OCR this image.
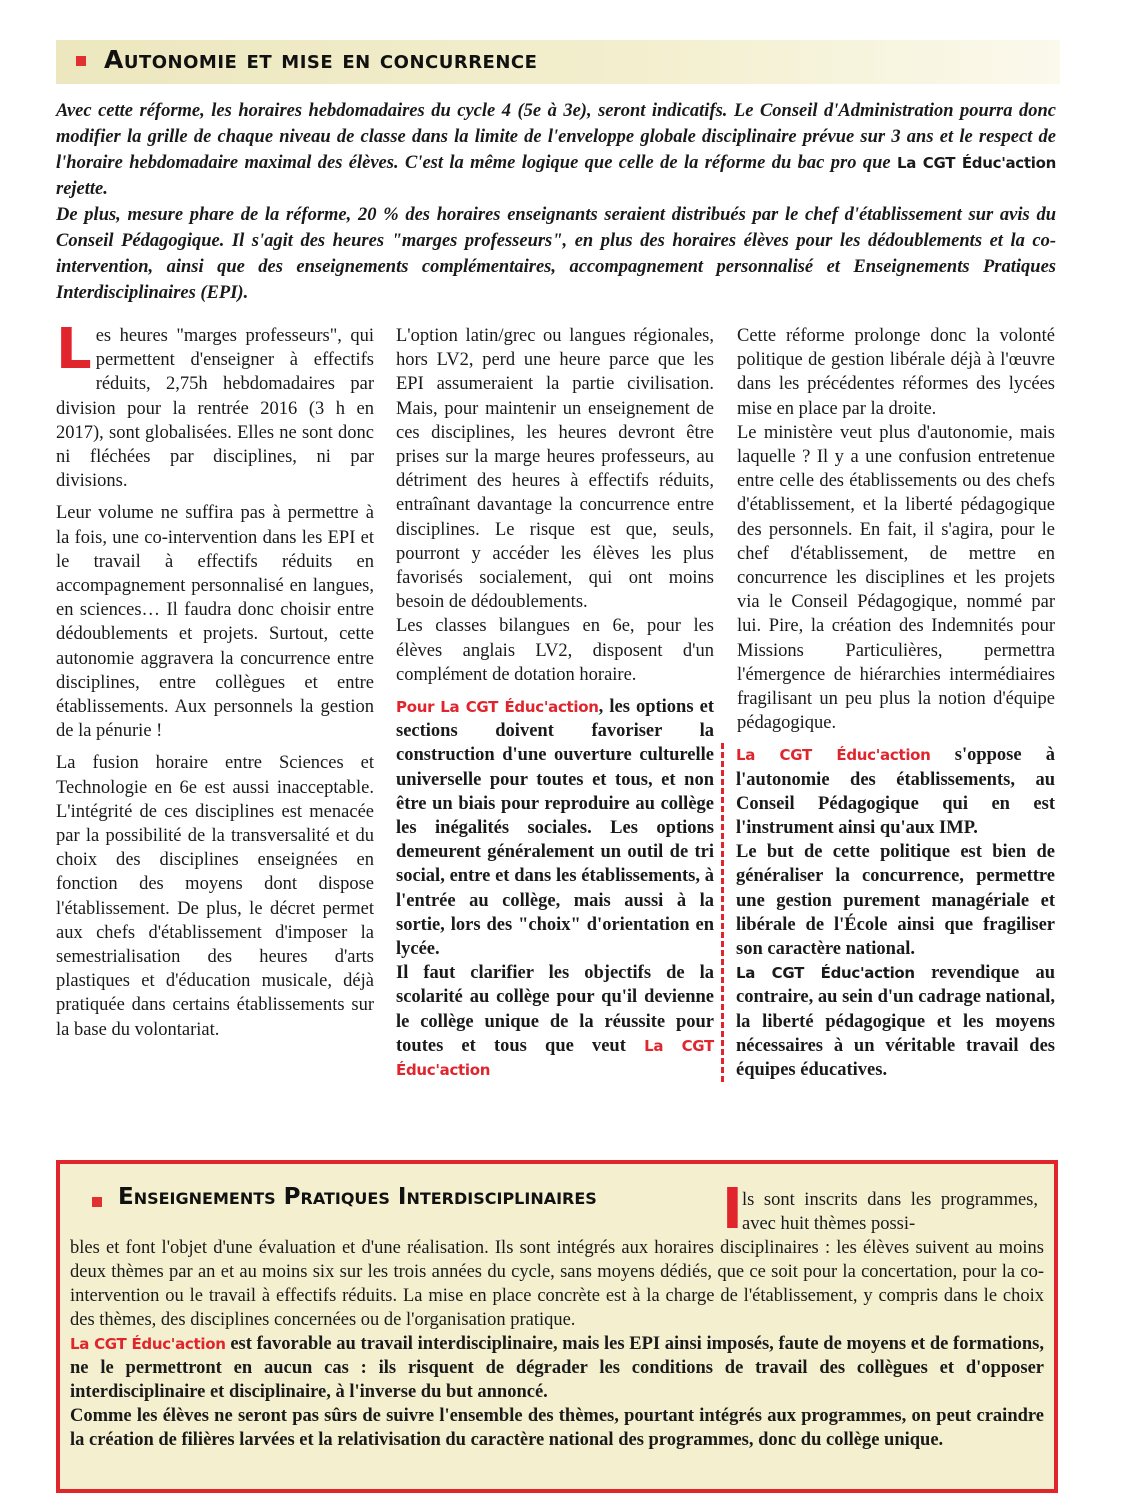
Autonomie et mise en concurrence

Avec cette réforme, les horaires hebdomadaires du cycle 4 (5e à 3e), seront indicatifs. Le Conseil d'Administration pourra donc modifier la grille de chaque niveau de classe dans la limite de l'enveloppe globale disciplinaire prévue sur 3 ans et le respect de l'horaire hebdomadaire maximal des élèves. C'est la même logique que celle de la réforme du bac pro que La CGT Éduc'action rejette.

De plus, mesure phare de la réforme, 20 % des horaires enseignants seraient distribués par le chef d'établissement sur avis du Conseil Pédagogique. Il s'agit des heures "marges professeurs", en plus des horaires élèves pour les dédoublements et la co-intervention, ainsi que des enseignements complémentaires, accompagnement personnalisé et Enseignements Pratiques Interdisciplinaires (EPI).

Les heures "marges professeurs", qui permettent d'enseigner à effectifs réduits, 2,75h hebdomadaires par division pour la rentrée 2016 (3 h en 2017), sont globalisées. Elles ne sont donc ni fléchées par disciplines, ni par divisions.

Leur volume ne suffira pas à permettre à la fois, une co-intervention dans les EPI et le travail à effectifs réduits en accompagnement personnalisé en langues, en sciences… Il faudra donc choisir entre dédoublements et projets. Surtout, cette autonomie aggravera la concurrence entre disciplines, entre collègues et entre établissements. Aux personnels la gestion de la pénurie !

La fusion horaire entre Sciences et Technologie en 6e est aussi inacceptable. L'intégrité de ces disciplines est menacée par la possibilité de la transversalité et du choix des disciplines enseignées en fonction des moyens dont dispose l'établissement. De plus, le décret permet aux chefs d'établissement d'imposer la semestrialisation des heures d'arts plastiques et d'éducation musicale, déjà pratiquée dans certains établissements sur la base du volontariat.

L'option latin/grec ou langues régionales, hors LV2, perd une heure parce que les EPI assumeraient la partie civilisation. Mais, pour maintenir un enseignement de ces disciplines, les heures devront être prises sur la marge heures professeurs, au détriment des heures à effectifs réduits, entraînant davantage la concurrence entre disciplines. Le risque est que, seuls, pourront y accéder les élèves les plus favorisés socialement, qui ont moins besoin de dédoublements.

Les classes bilangues en 6e, pour les élèves anglais LV2, disposent d'un complément de dotation horaire.

Pour La CGT Éduc'action, les options et sections doivent favoriser la construction d'une ouverture culturelle universelle pour toutes et tous, et non être un biais pour reproduire au collège les inégalités sociales. Les options demeurent généralement un outil de tri social, entre et dans les établissements, à l'entrée au collège, mais aussi à la sortie, lors des "choix" d'orientation en lycée.

Il faut clarifier les objectifs de la scolarité au collège pour qu'il devienne le collège unique de la réussite pour toutes et tous que veut La CGT Éduc'action

Cette réforme prolonge donc la volonté politique de gestion libérale déjà à l'œuvre dans les précédentes réformes des lycées mise en place par la droite.

Le ministère veut plus d'autonomie, mais laquelle ? Il y a une confusion entretenue entre celle des établissements ou des chefs d'établissement, et la liberté pédagogique des personnels. En fait, il s'agira, pour le chef d'établissement, de mettre en concurrence les disciplines et les projets via le Conseil Pédagogique, nommé par lui. Pire, la création des Indemnités pour Missions Particulières, permettra l'émergence de hiérarchies intermédiaires fragilisant un peu plus la notion d'équipe pédagogique.

La CGT Éduc'action s'oppose à l'autonomie des établissements, au Conseil Pédagogique qui en est l'instrument ainsi qu'aux IMP.

Le but de cette politique est bien de généraliser la concurrence, permettre une gestion purement managériale et libérale de l'École ainsi que fragiliser son caractère national.

La CGT Éduc'action revendique au contraire, au sein d'un cadrage national, la liberté pédagogique et les moyens nécessaires à un véritable travail des équipes éducatives.

Enseignements Pratiques Interdisciplinaires I ls sont inscrits dans les programmes, avec huit thèmes possi-

bles et font l'objet d'une évaluation et d'une réalisation. Ils sont intégrés aux horaires disciplinaires : les élèves suivent au moins deux thèmes par an et au moins six sur les trois années du cycle, sans moyens dédiés, que ce soit pour la concertation, pour la co-intervention ou le travail à effectifs réduits. La mise en place concrète est à la charge de l'établissement, y compris dans le choix des thèmes, des disciplines concernées ou de l'organisation pratique.

La CGT Éduc'action est favorable au travail interdisciplinaire, mais les EPI ainsi imposés, faute de moyens et de formations, ne le permettront en aucun cas : ils risquent de dégrader les conditions de travail des collègues et d'opposer interdisciplinaire et disciplinaire, à l'inverse du but annoncé.

Comme les élèves ne seront pas sûrs de suivre l'ensemble des thèmes, pourtant intégrés aux programmes, on peut craindre la création de filières larvées et la relativisation du caractère national des programmes, donc du collège unique.
